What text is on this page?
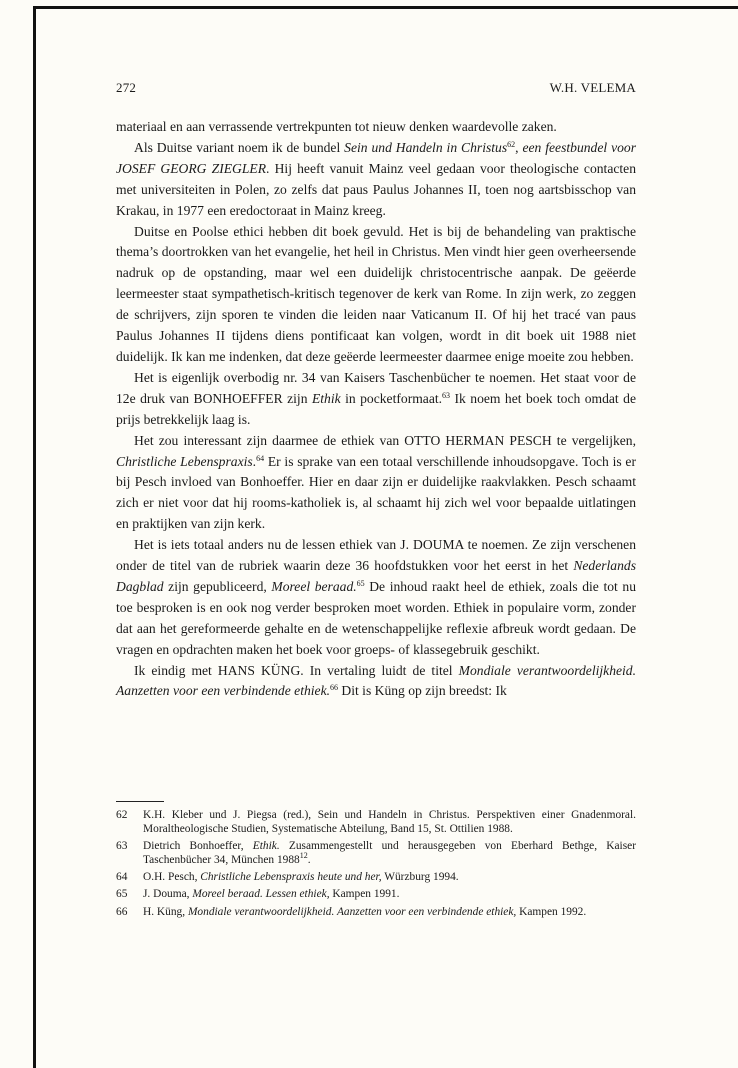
272	W.H. VELEMA

materiaal en aan verrassende vertrekpunten tot nieuw denken waardevolle zaken.

Als Duitse variant noem ik de bundel Sein und Handeln in Christus$^{62}$, een feestbundel voor JOSEF GEORG ZIEGLER. Hij heeft vanuit Mainz veel gedaan voor theologische contacten met universiteiten in Polen, zo zelfs dat paus Paulus Johannes II, toen nog aartsbisschop van Krakau, in 1977 een eredoctoraat in Mainz kreeg.

Duitse en Poolse ethici hebben dit boek gevuld. Het is bij de behandeling van praktische thema’s doortrokken van het evangelie, het heil in Christus. Men vindt hier geen overheersende nadruk op de opstanding, maar wel een duidelijk christocentrische aanpak. De geëerde leermeester staat sympathetisch-kritisch tegenover de kerk van Rome. In zijn werk, zo zeggen de schrijvers, zijn sporen te vinden die leiden naar Vaticanum II. Of hij het tracé van paus Paulus Johannes II tijdens diens pontificaat kan volgen, wordt in dit boek uit 1988 niet duidelijk. Ik kan me indenken, dat deze geëerde leermeester daarmee enige moeite zou hebben.

Het is eigenlijk overbodig nr. 34 van Kaisers Taschenbücher te noemen. Het staat voor de 12e druk van BONHOEFFER zijn Ethik in pocketformaat.$^{63}$ Ik noem het boek toch omdat de prijs betrekkelijk laag is.

Het zou interessant zijn daarmee de ethiek van OTTO HERMAN PESCH te vergelijken, Christliche Lebenspraxis.$^{64}$ Er is sprake van een totaal verschillende inhoudsopgave. Toch is er bij Pesch invloed van Bonhoeffer. Hier en daar zijn er duidelijke raakvlakken. Pesch schaamt zich er niet voor dat hij rooms-katholiek is, al schaamt hij zich wel voor bepaalde uitlatingen en praktijken van zijn kerk.

Het is iets totaal anders nu de lessen ethiek van J. DOUMA te noemen. Ze zijn verschenen onder de titel van de rubriek waarin deze 36 hoofdstukken voor het eerst in het Nederlands Dagblad zijn gepubliceerd, Moreel beraad.$^{65}$ De inhoud raakt heel de ethiek, zoals die tot nu toe besproken is en ook nog verder besproken moet worden. Ethiek in populaire vorm, zonder dat aan het gereformeerde gehalte en de wetenschappelijke reflexie afbreuk wordt gedaan. De vragen en opdrachten maken het boek voor groeps- of klassegebruik geschikt.

Ik eindig met HANS KÜNG. In vertaling luidt de titel Mondiale verantwoordelijkheid. Aanzetten voor een verbindende ethiek.$^{66}$ Dit is Küng op zijn breedst: Ik

62 K.H. Kleber und J. Piegsa (red.), Sein und Handeln in Christus. Perspektiven einer Gnadenmoral. Moraltheologische Studien, Systematische Abteilung, Band 15, St. Ottilien 1988.
63 Dietrich Bonhoeffer, Ethik. Zusammengestellt und herausgegeben von Eberhard Bethge, Kaiser Taschenbücher 34, München 1988$^{12}$.
64 O.H. Pesch, Christliche Lebenspraxis heute und her, Würzburg 1994.
65 J. Douma, Moreel beraad. Lessen ethiek, Kampen 1991.
66 H. Küng, Mondiale verantwoordelijkheid. Aanzetten voor een verbindende ethiek, Kampen 1992.
